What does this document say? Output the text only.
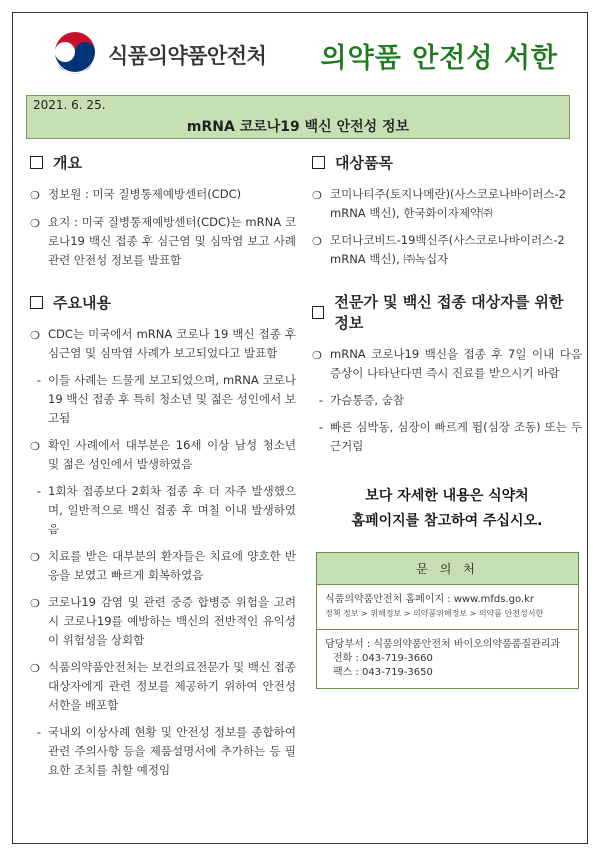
식품의약품안전처 의약품 안전성 서한
2021. 6. 25.
mRNA 코로나19 백신 안전성 정보
개요
❍ 정보원 : 미국 질병통제예방센터(CDC)
❍ 요지 : 미국 질병통제예방센터(CDC)는 mRNA 코로나19 백신 접종 후 심근염 및 심막염 보고 사례 관련 안전성 정보를 발표함
주요내용
❍ CDC는 미국에서 mRNA 코로나 19 백신 접종 후 심근염 및 심막염 사례가 보고되었다고 발표함
- 이들 사례는 드물게 보고되었으며, mRNA 코로나19 백신 접종 후 특히 청소년 및 젊은 성인에서 보고됨
❍ 확인 사례에서 대부분은 16세 이상 남성 청소년 및 젊은 성인에서 발생하였음
- 1회차 접종보다 2회차 접종 후 더 자주 발생했으며, 일반적으로 백신 접종 후 며칠 이내 발생하였음
❍ 치료를 받은 대부분의 환자들은 치료에 양호한 반응을 보였고 빠르게 회복하였음
❍ 코로나19 감염 및 관련 중증 합병증 위험을 고려시 코로나19를 예방하는 백신의 전반적인 유익성이 위험성을 상회함
❍ 식품의약품안전처는 보건의료전문가 및 백신 접종 대상자에게 관련 정보를 제공하기 위하여 안전성 서한을 배포함
- 국내외 이상사례 현황 및 안전성 정보를 종합하여 관련 주의사항 등을 제품설명서에 추가하는 등 필요한 조치를 취할 예정임
대상품목
❍ 코미나티주(토지나메란)(사스코로나바이러스-2 mRNA 백신), 한국화이자제약㈜
❍ 모더나코비드-19백신주(사스코로나바이러스-2 mRNA 백신), ㈜녹십자
전문가 및 백신 접종 대상자를 위한 정보
❍ mRNA 코로나19 백신을 접종 후 7일 이내 다음 증상이 나타난다면 즉시 진료를 받으시기 바람
- 가슴통증, 숨참
- 빠른 심박동, 심장이 빠르게 뜀(심장 조동) 또는 두근거림
보다 자세한 내용은 식약처
홈페이지를 참고하여 주십시오.
문 의 처
식품의약품안전처 홈페이지 : www.mfds.go.kr
정책 정보 > 위해정보 > 의약품위해정보 > 의약품 안전성서한
담당부서 : 식품의약품안전처 바이오의약품품질관리과
전화 : 043-719-3660
팩스 : 043-719-3650
